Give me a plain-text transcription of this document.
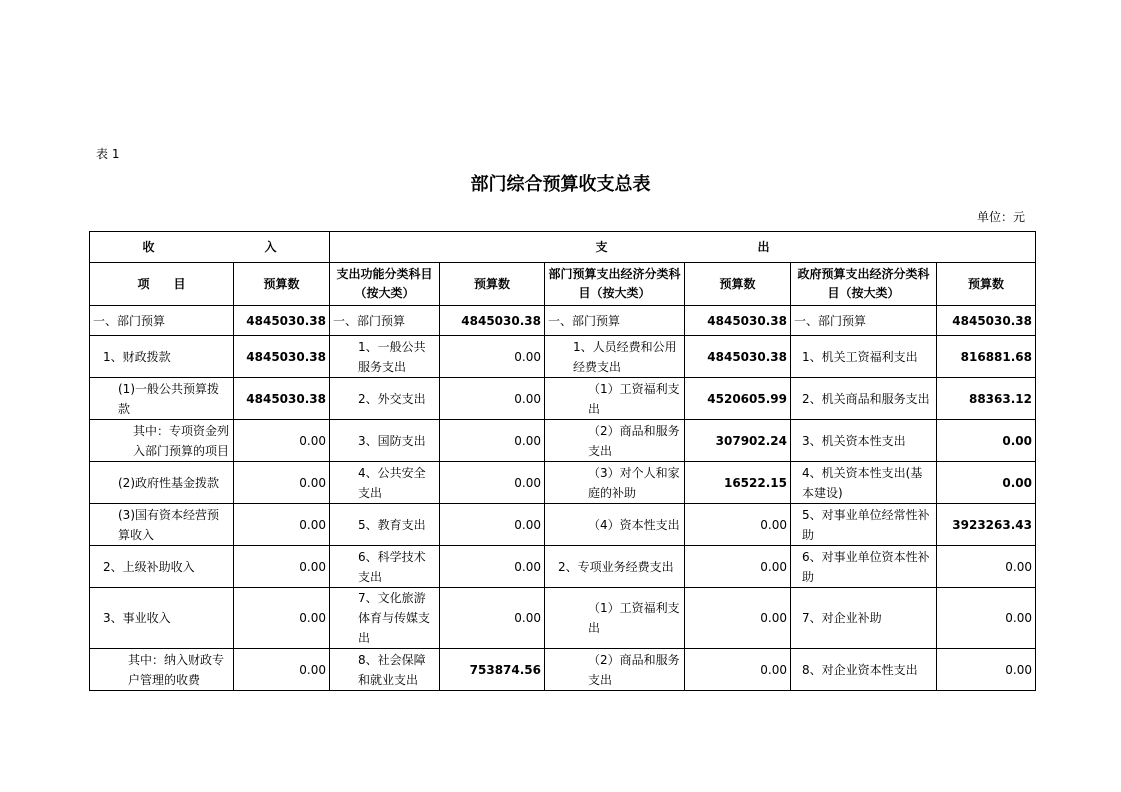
表 1
部门综合预算收支总表
单位：元
收 入		支 出					
项　　目	预算数	支出功能分类科目（按大类）	预算数	部门预算支出经济分类科目（按大类）	预算数	政府预算支出经济分类科目（按大类）	预算数
一、部门预算	4845030.38	一、部门预算	4845030.38	一、部门预算	4845030.38	一、部门预算	4845030.38
1、财政拨款	4845030.38	1、一般公共服务支出	0.00	1、人员经费和公用经费支出	4845030.38	1、机关工资福利支出	816881.68
(1)一般公共预算拨款	4845030.38	2、外交支出	0.00	（1）工资福利支出	4520605.99	2、机关商品和服务支出	88363.12
其中：专项资金列入部门预算的项目	0.00	3、国防支出	0.00	（2）商品和服务支出	307902.24	3、机关资本性支出	0.00
(2)政府性基金拨款	0.00	4、公共安全支出	0.00	（3）对个人和家庭的补助	16522.15	4、机关资本性支出(基本建设)	0.00
(3)国有资本经营预算收入	0.00	5、教育支出	0.00	（4）资本性支出	0.00	5、对事业单位经常性补助	3923263.43
2、上级补助收入	0.00	6、科学技术支出	0.00	2、专项业务经费支出	0.00	6、对事业单位资本性补助	0.00
3、事业收入	0.00	7、文化旅游体育与传媒支出	0.00	（1）工资福利支出	0.00	7、对企业补助	0.00
其中：纳入财政专户管理的收费	0.00	8、社会保障和就业支出	753874.56	（2）商品和服务支出	0.00	8、对企业资本性支出	0.00
